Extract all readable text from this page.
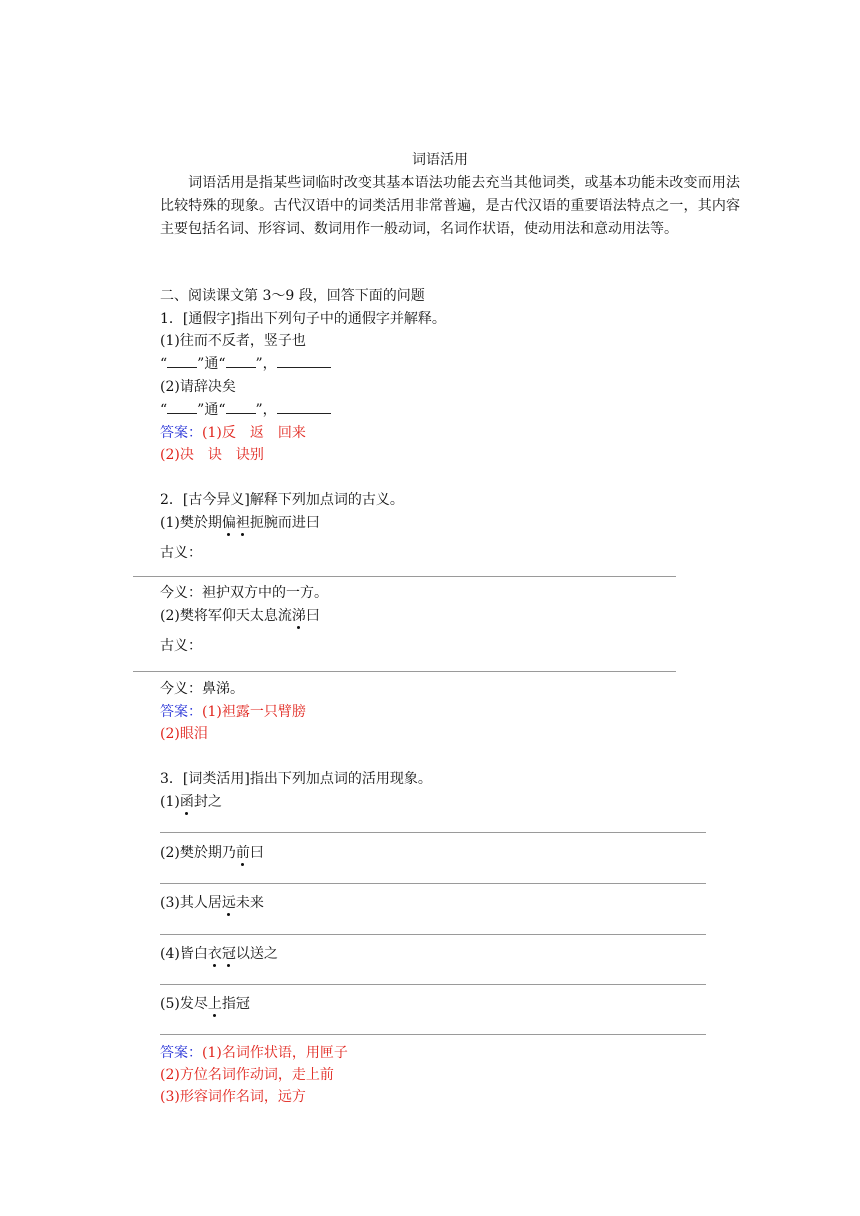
词语活用
词语活用是指某些词临时改变其基本语法功能去充当其他词类，或基本功能未改变而用法比较特殊的现象。古代汉语中的词类活用非常普遍，是古代汉语的重要语法特点之一，其内容主要包括名词、形容词、数词用作一般动词，名词作状语，使动用法和意动用法等。
二、阅读课文第 3～9 段，回答下面的问题
1．[通假字]指出下列句子中的通假字并解释。
(1)往而不反者，竖子也
“ ”通“ ”，
(2)请辞决矣
“ ”通“ ”，
答案：(1)反　返　回来
(2)决　诀　诀别
2．[古今异义]解释下列加点词的古义。
(1)樊於期偏袒扼腕而进曰
古义：
今义：袒护双方中的一方。
(2)樊将军仰天太息流涕曰
古义：
今义：鼻涕。
答案：(1)袒露一只臂膀
(2)眼泪
3．[词类活用]指出下列加点词的活用现象。
(1)函封之
(2)樊於期乃前曰
(3)其人居远未来
(4)皆白衣冠以送之
(5)发尽上指冠
答案：(1)名词作状语，用匣子
(2)方位名词作动词，走上前
(3)形容词作名词，远方
